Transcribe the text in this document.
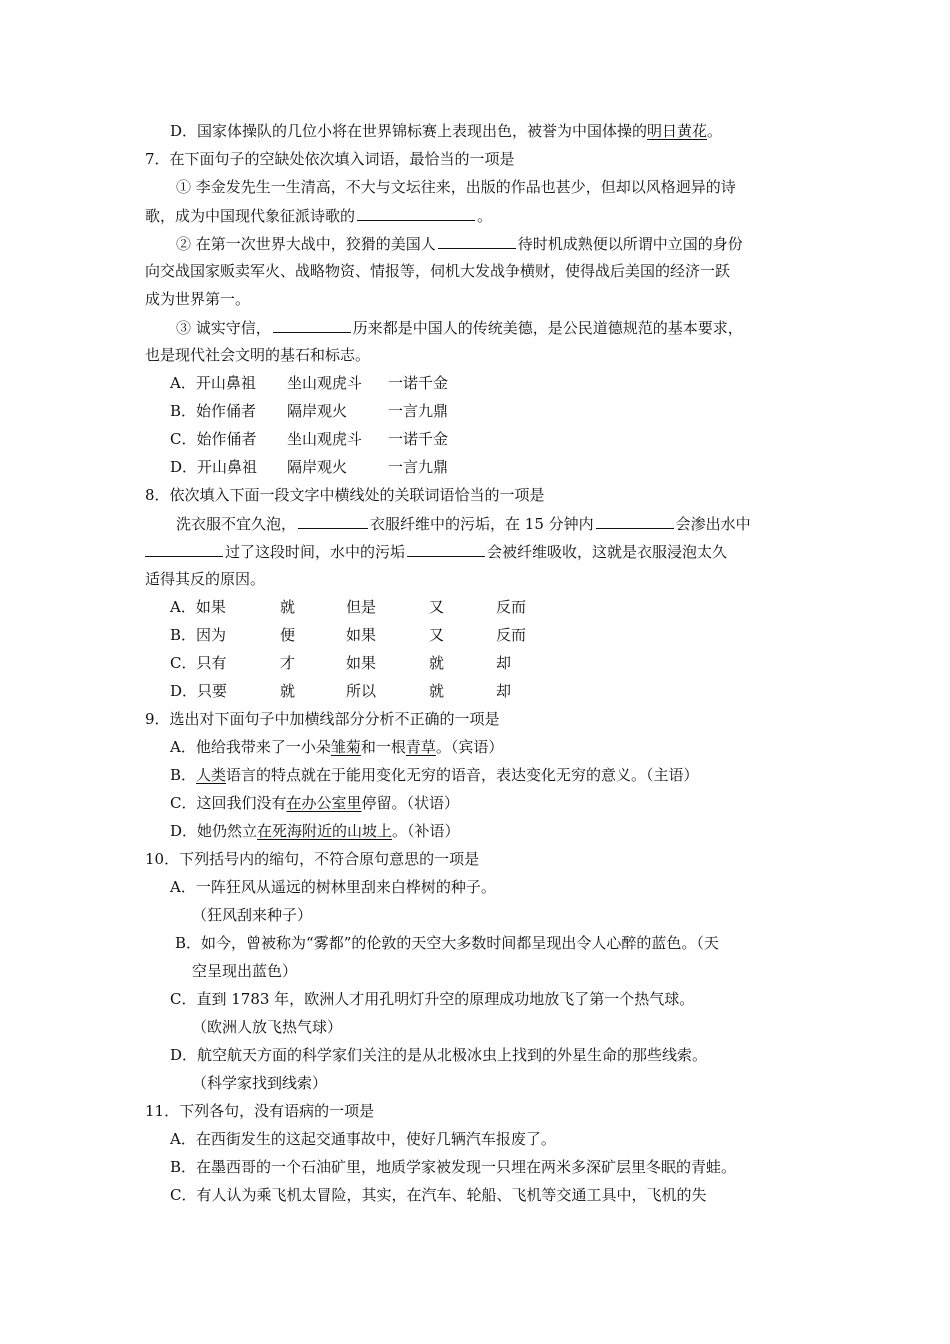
D．国家体操队的几位小将在世界锦标赛上表现出色，被誉为中国体操的明日黄花。
7．在下面句子的空缺处依次填入词语，最恰当的一项是
① 李金发先生一生清高，不大与文坛往来，出版的作品也甚少，但却以风格迥异的诗
歌，成为中国现代象征派诗歌的	。
② 在第一次世界大战中，狡猾的美国人	待时机成熟便以所谓中立国的身份
向交战国家贩卖军火、战略物资、情报等，伺机大发战争横财，使得战后美国的经济一跃
成为世界第一。
③ 诚实守信，	历来都是中国人的传统美德，是公民道德规范的基本要求，
也是现代社会文明的基石和标志。
A．开山鼻祖 坐山观虎斗 一诺千金
B．始作俑者 隔岸观火	一言九鼎
C．始作俑者 坐山观虎斗 一诺千金
D．开山鼻祖 隔岸观火	一言九鼎
8．依次填入下面一段文字中横线处的关联词语恰当的一项是
洗衣服不宜久泡，	衣服纤维中的污垢，在 15 分钟内	会渗出水中
过了这段时间，水中的污垢	会被纤维吸收，这就是衣服浸泡太久
适得其反的原因。
A．如果	就	但是	又	反而
B．因为	便	如果	又	反而
C．只有	才	如果	就	却
D．只要	就	所以	就	却
9．选出对下面句子中加横线部分分析不正确的一项是
A．他给我带来了一小朵雏菊和一根青草。（宾语）
B．人类语言的特点就在于能用变化无穷的语音，表达变化无穷的意义。（主语）
C．这回我们没有在办公室里停留。（状语）
D．她仍然立在死海附近的山坡上。（补语）
10．下列括号内的缩句，不符合原句意思的一项是
A．一阵狂风从遥远的树林里刮来白桦树的种子。
（狂风刮来种子）
B．如今，曾被称为“雾都”的伦敦的天空大多数时间都呈现出令人心醉的蓝色。（天
空呈现出蓝色）
C．直到 1783 年，欧洲人才用孔明灯升空的原理成功地放飞了第一个热气球。
（欧洲人放飞热气球）
D．航空航天方面的科学家们关注的是从北极冰虫上找到的外星生命的那些线索。
（科学家找到线索）
11．下列各句，没有语病的一项是
A．在西街发生的这起交通事故中，使好几辆汽车报废了。
B．在墨西哥的一个石油矿里，地质学家被发现一只埋在两米多深矿层里冬眠的青蛙。
C．有人认为乘飞机太冒险，其实，在汽车、轮船、飞机等交通工具中，飞机的失
